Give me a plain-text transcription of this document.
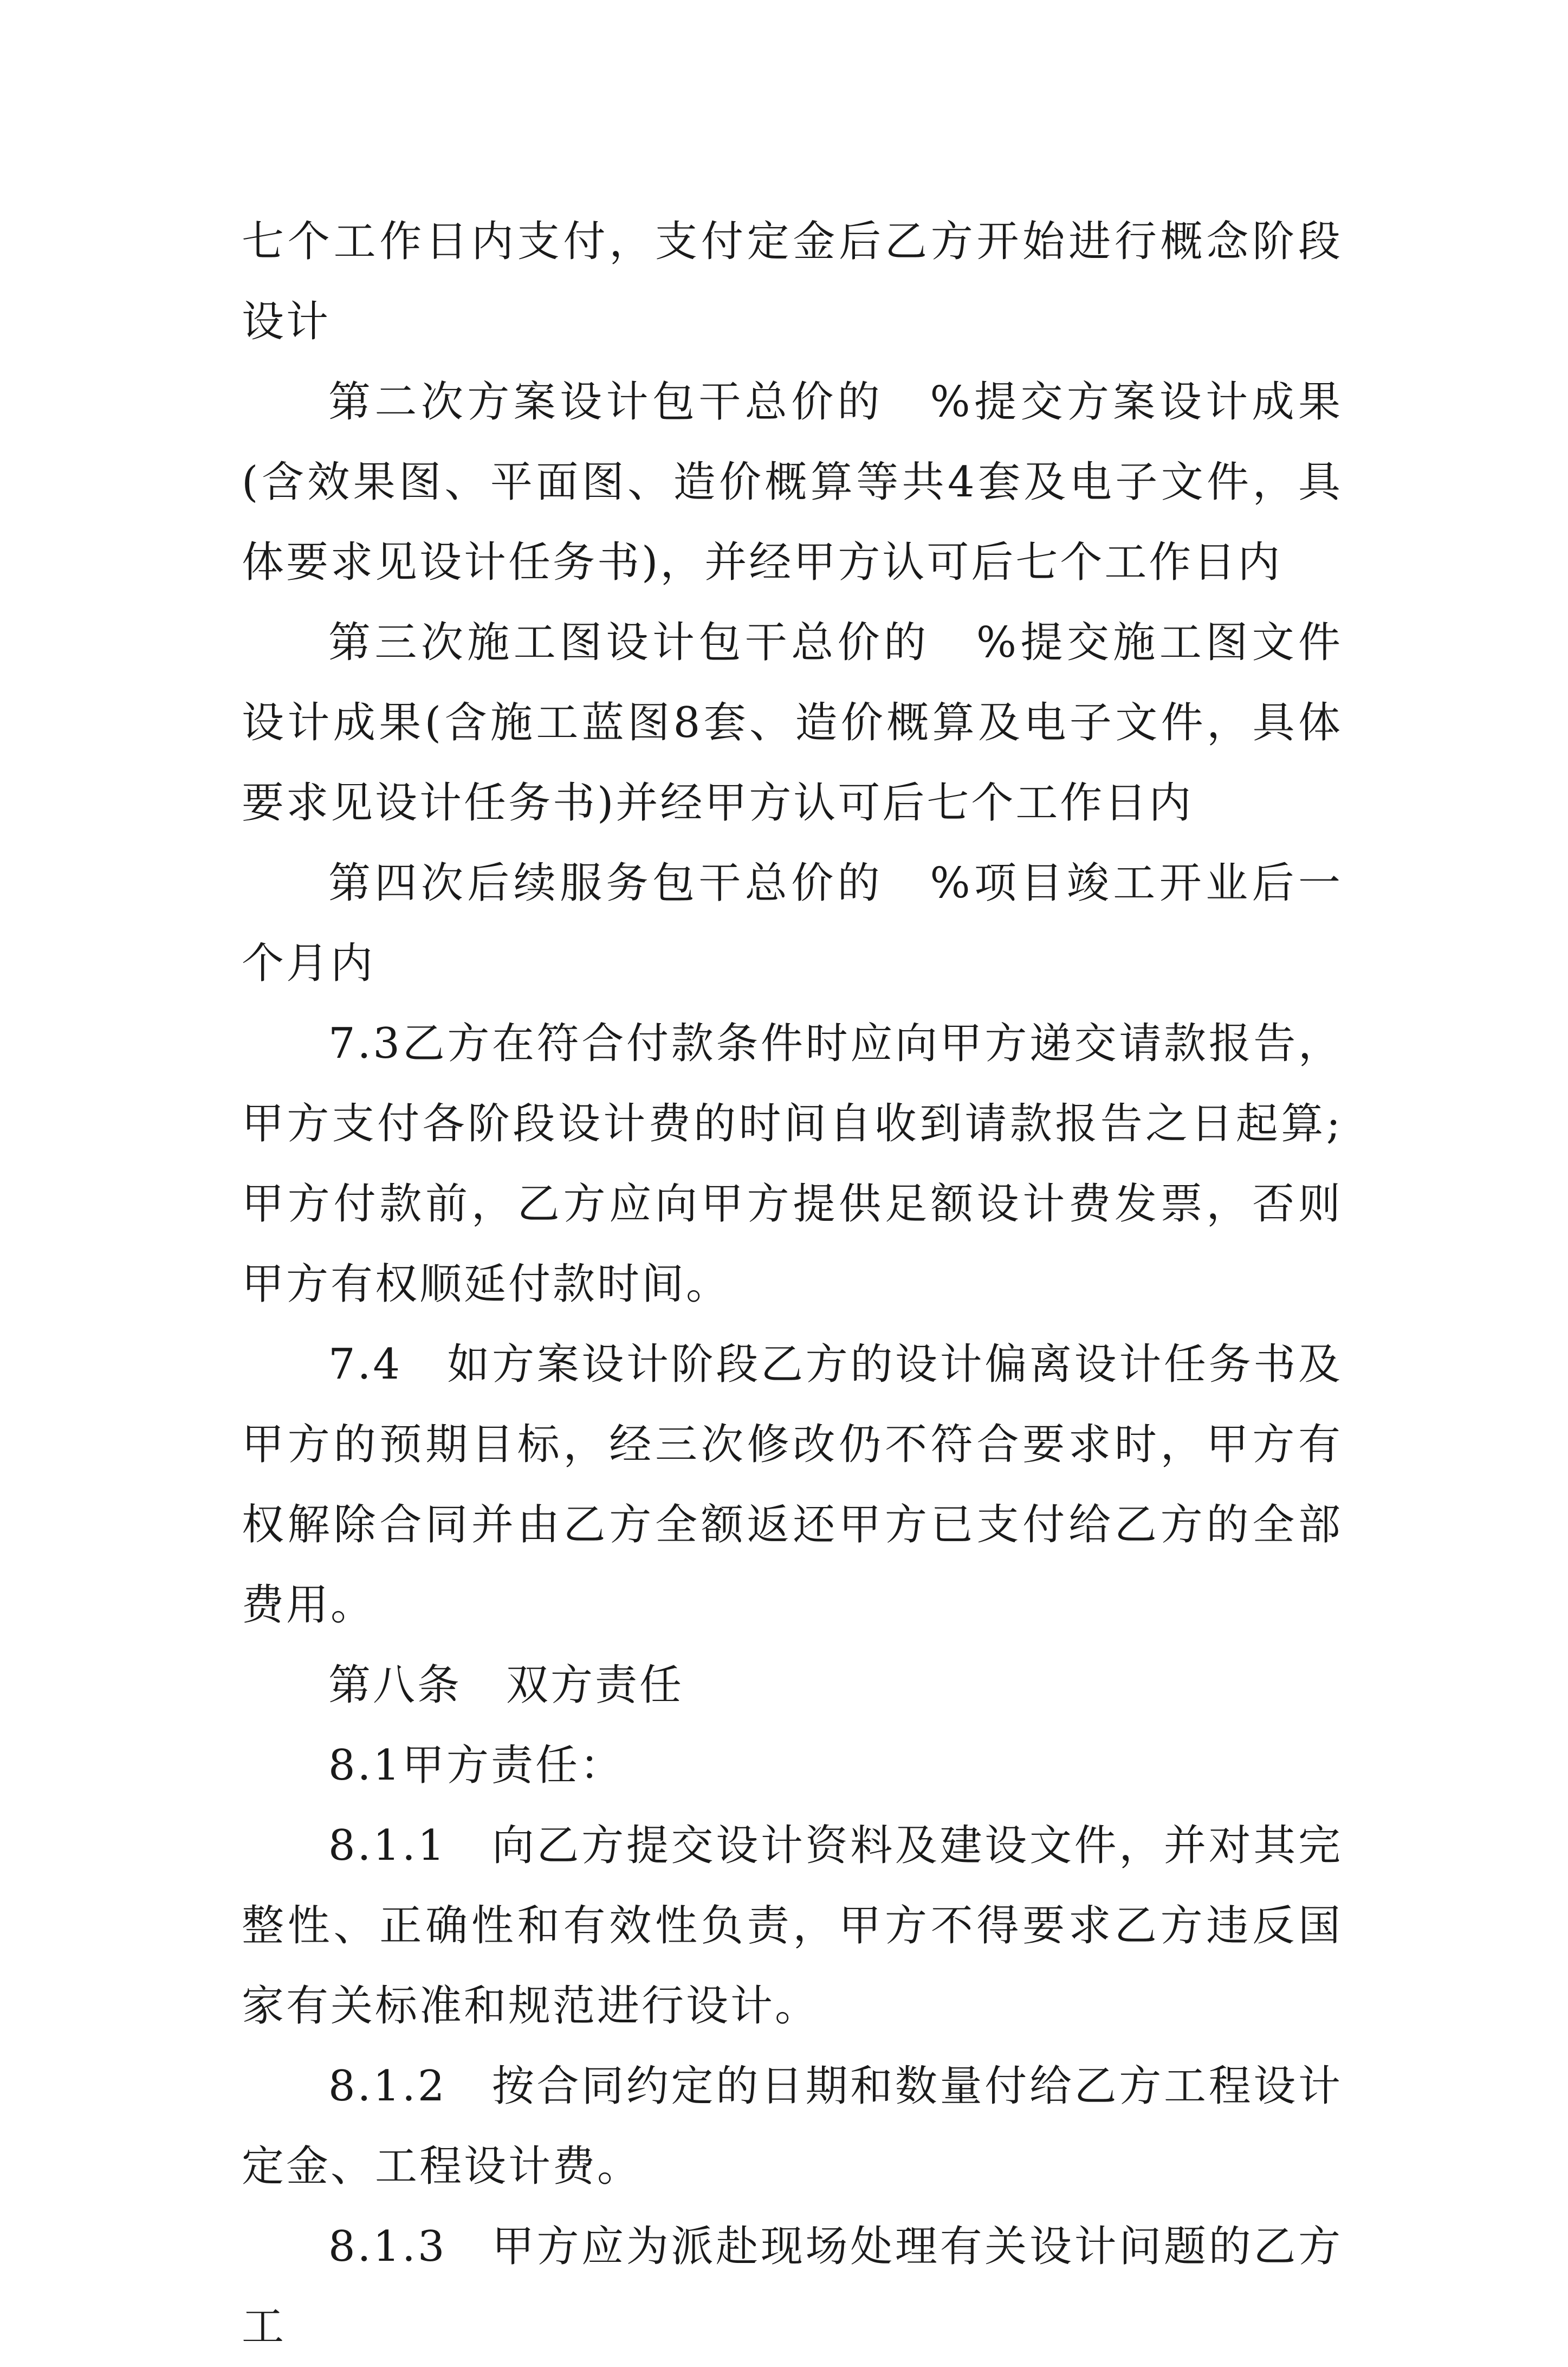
七个工作日内支付，支付定金后乙方开始进行概念阶段设计

第二次方案设计包干总价的　%提交方案设计成果(含效果图、平面图、造价概算等共4套及电子文件，具体要求见设计任务书)，并经甲方认可后七个工作日内

第三次施工图设计包干总价的　%提交施工图文件设计成果(含施工蓝图8套、造价概算及电子文件，具体要求见设计任务书)并经甲方认可后七个工作日内

第四次后续服务包干总价的　%项目竣工开业后一个月内

7.3乙方在符合付款条件时应向甲方递交请款报告，甲方支付各阶段设计费的时间自收到请款报告之日起算;甲方付款前，乙方应向甲方提供足额设计费发票，否则甲方有权顺延付款时间。

7.4　如方案设计阶段乙方的设计偏离设计任务书及甲方的预期目标，经三次修改仍不符合要求时，甲方有权解除合同并由乙方全额返还甲方已支付给乙方的全部费用。

第八条　双方责任

8.1甲方责任：

8.1.1　向乙方提交设计资料及建设文件，并对其完整性、正确性和有效性负责，甲方不得要求乙方违反国家有关标准和规范进行设计。

8.1.2　按合同约定的日期和数量付给乙方工程设计定金、工程设计费。

8.1.3　甲方应为派赴现场处理有关设计问题的乙方工
